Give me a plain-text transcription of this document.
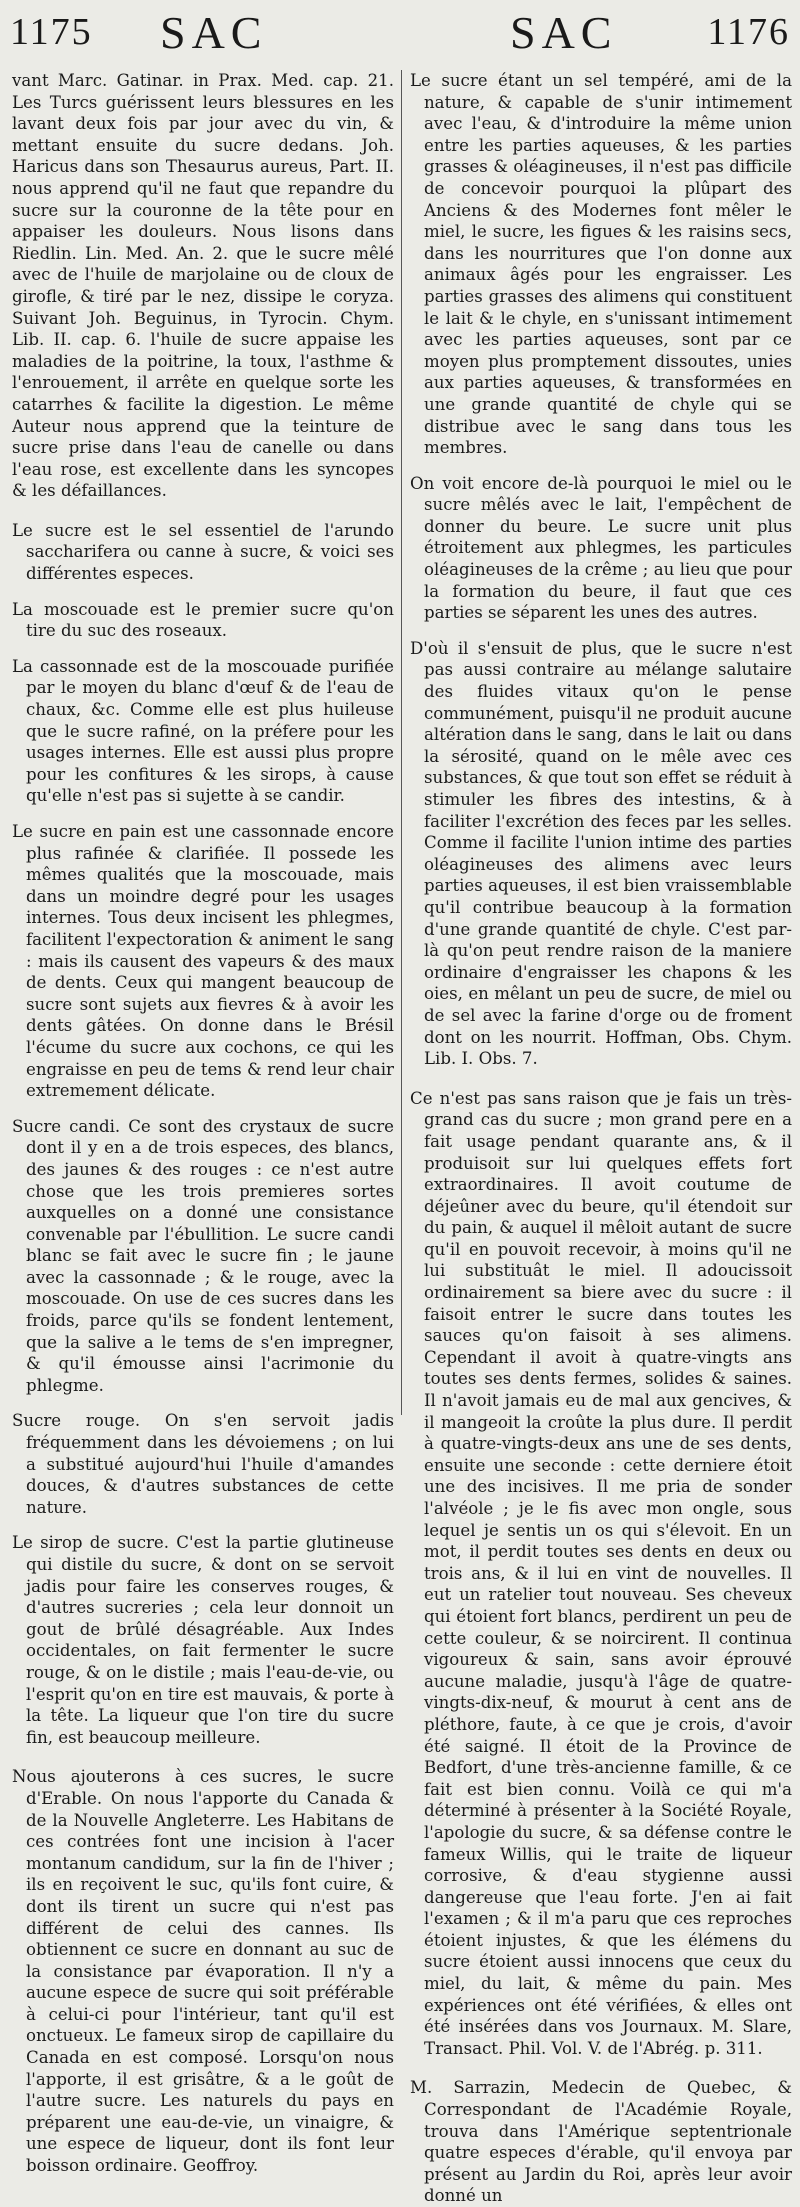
1175 SAC	SAC 1176

vant Marc. Gatinar. in Prax. Med. cap. 21. Les Turcs guérissent leurs blessures en les lavant deux fois par jour avec du vin, & mettant ensuite du sucre dedans. Joh. Haricus dans son Thesaurus aureus, Part. II. nous apprend qu'il ne faut que repandre du sucre sur la couronne de la tête pour en appaiser les douleurs. Nous lisons dans Riedlin. Lin. Med. An. 2. que le sucre mêlé avec de l'huile de marjolaine ou de cloux de girofle, & tiré par le nez, dissipe le coryza. Suivant Joh. Beguinus, in Tyrocin. Chym. Lib. II. cap. 6. l'huile de sucre appaise les maladies de la poitrine, la toux, l'asthme & l'enrouement, il arrête en quelque sorte les catarrhes & facilite la digestion. Le même Auteur nous apprend que la teinture de sucre prise dans l'eau de canelle ou dans l'eau rose, est excellente dans les syncopes & les défaillances.

Le sucre est le sel essentiel de l'arundo saccharifera ou canne à sucre, & voici ses différentes especes.

La moscouade est le premier sucre qu'on tire du suc des roseaux.

La cassonnade est de la moscouade purifiée par le moyen du blanc d'œuf & de l'eau de chaux, &c. Comme elle est plus huileuse que le sucre rafiné, on la préfere pour les usages internes. Elle est aussi plus propre pour les confitures & les sirops, à cause qu'elle n'est pas si sujette à se candir.

Le sucre en pain est une cassonnade encore plus rafinée & clarifiée. Il possede les mêmes qualités que la moscouade, mais dans un moindre degré pour les usages internes. Tous deux incisent les phlegmes, facilitent l'expectoration & animent le sang : mais ils causent des vapeurs & des maux de dents. Ceux qui mangent beaucoup de sucre sont sujets aux fievres & à avoir les dents gâtées. On donne dans le Brésil l'écume du sucre aux cochons, ce qui les engraisse en peu de tems & rend leur chair extremement délicate.

Sucre candi. Ce sont des crystaux de sucre dont il y en a de trois especes, des blancs, des jaunes & des rouges : ce n'est autre chose que les trois premieres sortes auxquelles on a donné une consistance convenable par l'ébullition. Le sucre candi blanc se fait avec le sucre fin ; le jaune avec la cassonnade ; & le rouge, avec la moscouade. On use de ces sucres dans les froids, parce qu'ils se fondent lentement, que la salive a le tems de s'en impregner, & qu'il émousse ainsi l'acrimonie du phlegme.

Sucre rouge. On s'en servoit jadis fréquemment dans les dévoiemens ; on lui a substitué aujourd'hui l'huile d'amandes douces, & d'autres substances de cette nature.

Le sirop de sucre. C'est la partie glutineuse qui distile du sucre, & dont on se servoit jadis pour faire les conserves rouges, & d'autres sucreries ; cela leur donnoit un gout de brûlé désagréable. Aux Indes occidentales, on fait fermenter le sucre rouge, & on le distile ; mais l'eau-de-vie, ou l'esprit qu'on en tire est mauvais, & porte à la tête. La liqueur que l'on tire du sucre fin, est beaucoup meilleure.

Nous ajouterons à ces sucres, le sucre d'Erable. On nous l'apporte du Canada & de la Nouvelle Angleterre. Les Habitans de ces contrées font une incision à l'acer montanum candidum, sur la fin de l'hiver ; ils en reçoivent le suc, qu'ils font cuire, & dont ils tirent un sucre qui n'est pas différent de celui des cannes. Ils obtiennent ce sucre en donnant au suc de la consistance par évaporation. Il n'y a aucune espece de sucre qui soit préférable à celui-ci pour l'intérieur, tant qu'il est onctueux. Le fameux sirop de capillaire du Canada en est composé. Lorsqu'on nous l'apporte, il est grisâtre, & a le goût de l'autre sucre. Les naturels du pays en préparent une eau-de-vie, un vinaigre, & une espece de liqueur, dont ils font leur boisson ordinaire. Geoffroy.

Le sucre étant un sel tempéré, ami de la nature, & capable de s'unir intimement avec l'eau, & d'introduire la même union entre les parties aqueuses, & les parties grasses & oléagineuses, il n'est pas difficile de concevoir pourquoi la plûpart des Anciens & des Modernes font mêler le miel, le sucre, les figues & les raisins secs, dans les nourritures que l'on donne aux animaux âgés pour les engraisser. Les parties grasses des alimens qui constituent le lait & le chyle, en s'unissant intimement avec les parties aqueuses, sont par ce moyen plus promptement dissoutes, unies aux parties aqueuses, & transformées en une grande quantité de chyle qui se distribue avec le sang dans tous les membres.

On voit encore de-là pourquoi le miel ou le sucre mêlés avec le lait, l'empêchent de donner du beure. Le sucre unit plus étroitement aux phlegmes, les particules oléagineuses de la crême ; au lieu que pour la formation du beure, il faut que ces parties se séparent les unes des autres.

D'où il s'ensuit de plus, que le sucre n'est pas aussi contraire au mélange salutaire des fluides vitaux qu'on le pense communément, puisqu'il ne produit aucune altération dans le sang, dans le lait ou dans la sérosité, quand on le mêle avec ces substances, & que tout son effet se réduit à stimuler les fibres des intestins, & à faciliter l'excrétion des feces par les selles. Comme il facilite l'union intime des parties oléagineuses des alimens avec leurs parties aqueuses, il est bien vraissemblable qu'il contribue beaucoup à la formation d'une grande quantité de chyle. C'est par-là qu'on peut rendre raison de la maniere ordinaire d'engraisser les chapons & les oies, en mêlant un peu de sucre, de miel ou de sel avec la farine d'orge ou de froment dont on les nourrit. Hoffman, Obs. Chym. Lib. I. Obs. 7.

Ce n'est pas sans raison que je fais un très-grand cas du sucre ; mon grand pere en a fait usage pendant quarante ans, & il produisoit sur lui quelques effets fort extraordinaires. Il avoit coutume de déjeûner avec du beure, qu'il étendoit sur du pain, & auquel il mêloit autant de sucre qu'il en pouvoit recevoir, à moins qu'il ne lui substituât le miel. Il adoucissoit ordinairement sa biere avec du sucre : il faisoit entrer le sucre dans toutes les sauces qu'on faisoit à ses alimens. Cependant il avoit à quatre-vingts ans toutes ses dents fermes, solides & saines. Il n'avoit jamais eu de mal aux gencives, & il mangeoit la croûte la plus dure. Il perdit à quatre-vingts-deux ans une de ses dents, ensuite une seconde : cette derniere étoit une des incisives. Il me pria de sonder l'alvéole ; je le fis avec mon ongle, sous lequel je sentis un os qui s'élevoit. En un mot, il perdit toutes ses dents en deux ou trois ans, & il lui en vint de nouvelles. Il eut un ratelier tout nouveau. Ses cheveux qui étoient fort blancs, perdirent un peu de cette couleur, & se noircirent. Il continua vigoureux & sain, sans avoir éprouvé aucune maladie, jusqu'à l'âge de quatre-vingts-dix-neuf, & mourut à cent ans de pléthore, faute, à ce que je crois, d'avoir été saigné. Il étoit de la Province de Bedfort, d'une très-ancienne famille, & ce fait est bien connu. Voilà ce qui m'a déterminé à présenter à la Société Royale, l'apologie du sucre, & sa défense contre le fameux Willis, qui le traite de liqueur corrosive, & d'eau stygienne aussi dangereuse que l'eau forte. J'en ai fait l'examen ; & il m'a paru que ces reproches étoient injustes, & que les élémens du sucre étoient aussi innocens que ceux du miel, du lait, & même du pain. Mes expériences ont été vérifiées, & elles ont été insérées dans vos Journaux. M. Slare, Transact. Phil. Vol. V. de l'Abrég. p. 311.

M. Sarrazin, Medecin de Quebec, & Correspondant de l'Académie Royale, trouva dans l'Amérique septentrionale quatre especes d'érable, qu'il envoya par présent au Jardin du Roi, après leur avoir donné un
